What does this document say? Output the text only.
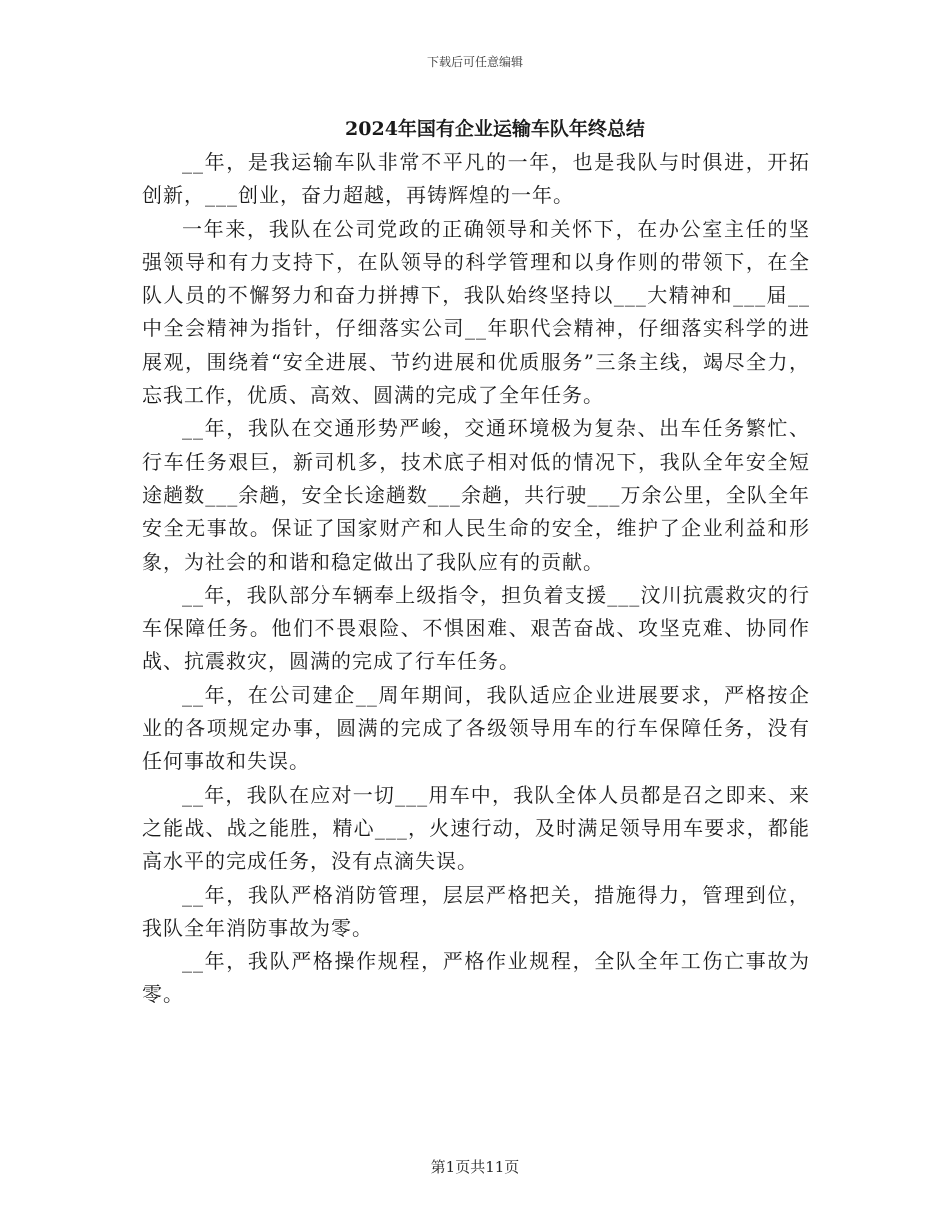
下载后可任意编辑
2024年国有企业运输车队年终总结

__年，是我运输车队非常不平凡的一年，也是我队与时俱进，开拓创新，___创业，奋力超越，再铸辉煌的一年。

一年来，我队在公司党政的正确领导和关怀下，在办公室主任的坚强领导和有力支持下，在队领导的科学管理和以身作则的带领下，在全队人员的不懈努力和奋力拼搏下，我队始终坚持以___大精神和___届__中全会精神为指针，仔细落实公司__年职代会精神，仔细落实科学的进展观，围绕着“安全进展、节约进展和优质服务”三条主线，竭尽全力，忘我工作，优质、高效、圆满的完成了全年任务。

__年，我队在交通形势严峻，交通环境极为复杂、出车任务繁忙、行车任务艰巨，新司机多，技术底子相对低的情况下，我队全年安全短途趟数___余趟，安全长途趟数___余趟，共行驶___万余公里，全队全年安全无事故。保证了国家财产和人民生命的安全，维护了企业利益和形象，为社会的和谐和稳定做出了我队应有的贡献。

__年，我队部分车辆奉上级指令，担负着支援___汶川抗震救灾的行车保障任务。他们不畏艰险、不惧困难、艰苦奋战、攻坚克难、协同作战、抗震救灾，圆满的完成了行车任务。

__年，在公司建企__周年期间，我队适应企业进展要求，严格按企业的各项规定办事，圆满的完成了各级领导用车的行车保障任务，没有任何事故和失误。

__年，我队在应对一切___用车中，我队全体人员都是召之即来、来之能战、战之能胜，精心___，火速行动，及时满足领导用车要求，都能高水平的完成任务，没有点滴失误。

__年，我队严格消防管理，层层严格把关，措施得力，管理到位，我队全年消防事故为零。

__年，我队严格操作规程，严格作业规程，全队全年工伤亡事故为零。

第1页共11页
